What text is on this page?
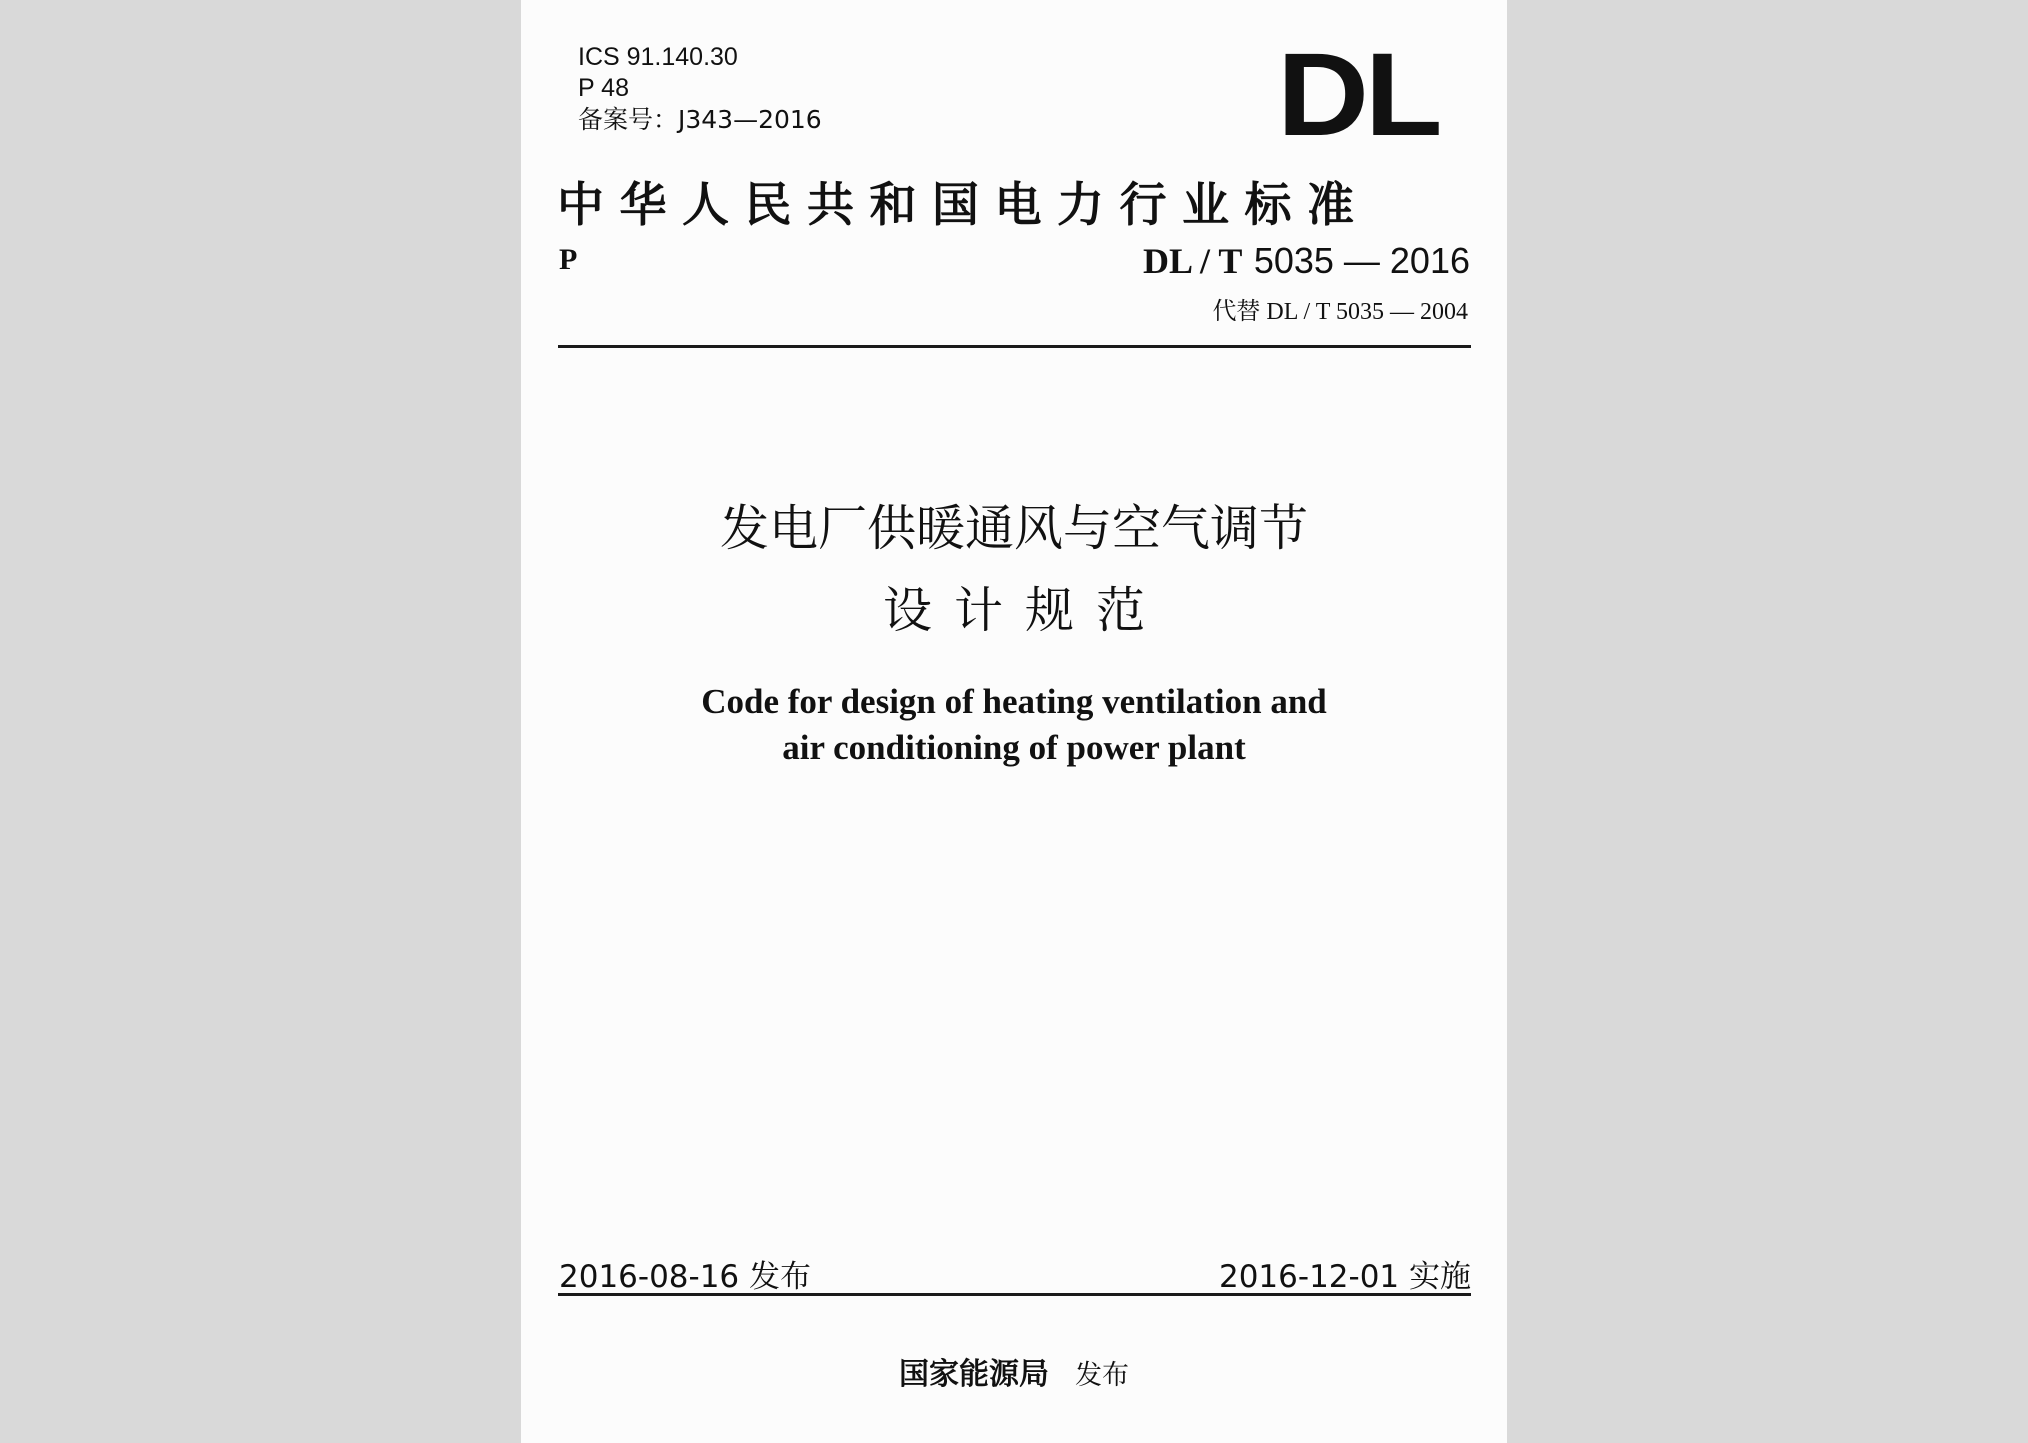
ICS 91.140.30
P 48
备案号：J343—2016	DL
中华人民共和国电力行业标准
P	DL / T 5035 — 2016
代替 DL / T 5035 — 2004
发电厂供暖通风与空气调节
设计规范
Code for design of heating ventilation and
air conditioning of power plant
2016-08-16 发布	2016-12-01 实施
国家能源局 发布
